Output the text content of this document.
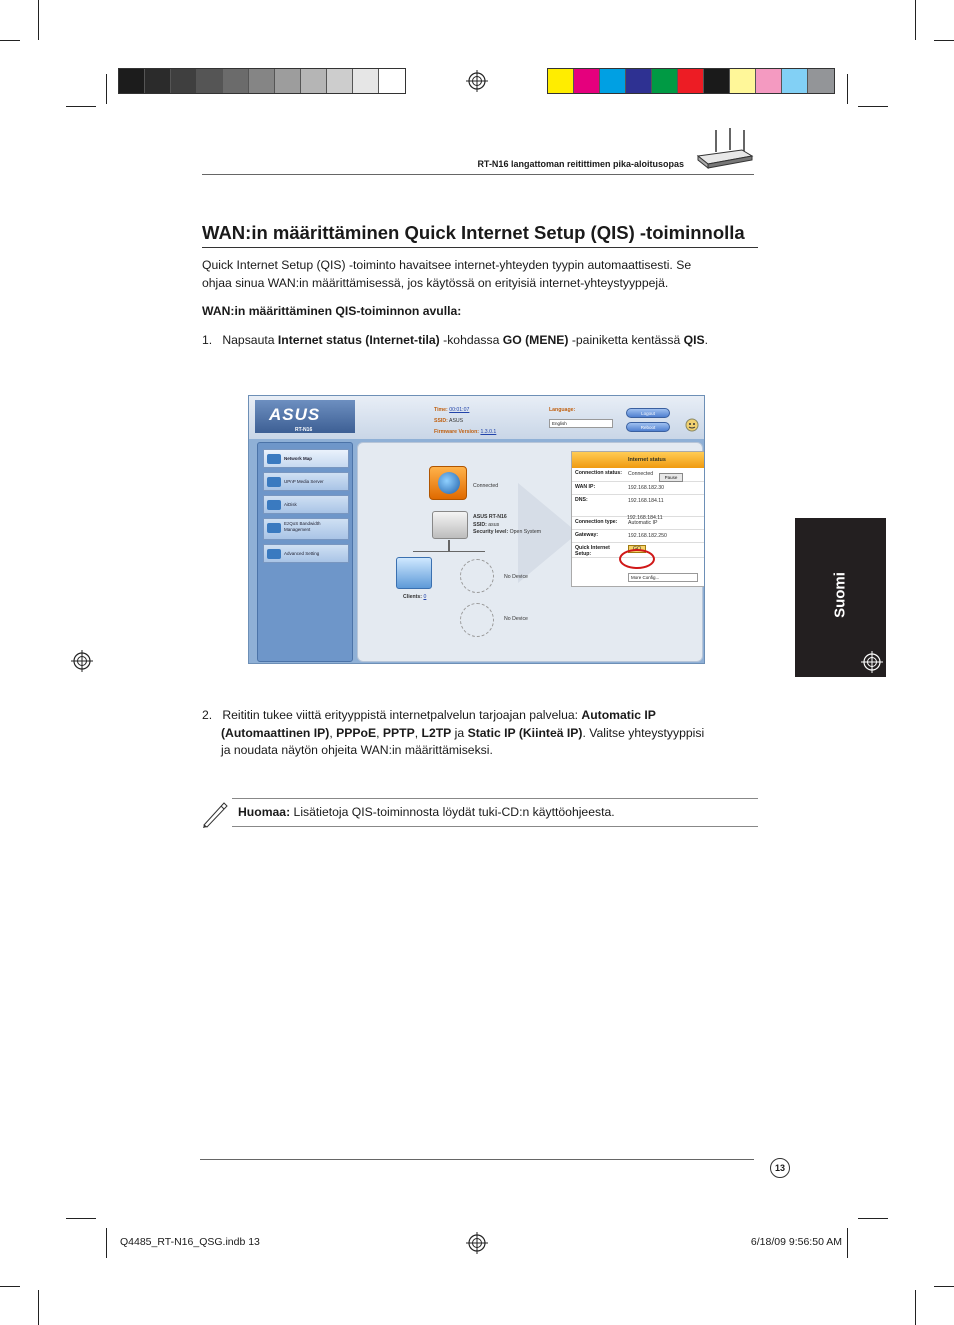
RT-N16 langattoman reitittimen pika-aloitusopas
WAN:in määrittäminen Quick Internet Setup (QIS) -toiminnolla
Quick Internet Setup (QIS) -toiminto havaitsee internet-yhteyden tyypin automaattisesti. Se
ohjaa sinua WAN:in määrittämisessä, jos käytössä on erityisiä internet-yhteystyyppejä.
WAN:in määrittäminen QIS-toiminnon avulla:
1. Napsauta Internet status (Internet-tila) -kohdassa GO (MENE) -painiketta kentässä QIS.
Suomi
ASUS
RT-N16
Time: 00:01:07
SSID: ASUS
Firmware Version: 1.3.0.1
Language:
English
Logout
Reboot
Network Map
UPnP Media Server
AiDisk
EzQoS Bandwidth Management
Advanced Setting
Connected
ASUS RT-N16
SSID: asus
Security level: Open System
Clients: 0
No Device
No Device
Internet status
Connection status: Connected
WAN IP:	192.168.182.30
DNS:	192.168.184.11
Connection type:	Automatic IP
Gateway:	192.168.182.250
Quick Internet Setup:
GO
Pause
192.168.184.11
More Config...
2. Reititin tukee viittä erityyppistä internetpalvelun tarjoajan palvelua: Automatic IP
(Automaattinen IP), PPPoE, PPTP, L2TP ja Static IP (Kiinteä IP). Valitse yhteystyyppisi
ja noudata näytön ohjeita WAN:in määrittämiseksi.
Huomaa: Lisätietoja QIS-toiminnosta löydät tuki-CD:n käyttöohjeesta.
13
Q4485_RT-N16_QSG.indb 13	6/18/09 9:56:50 AM
